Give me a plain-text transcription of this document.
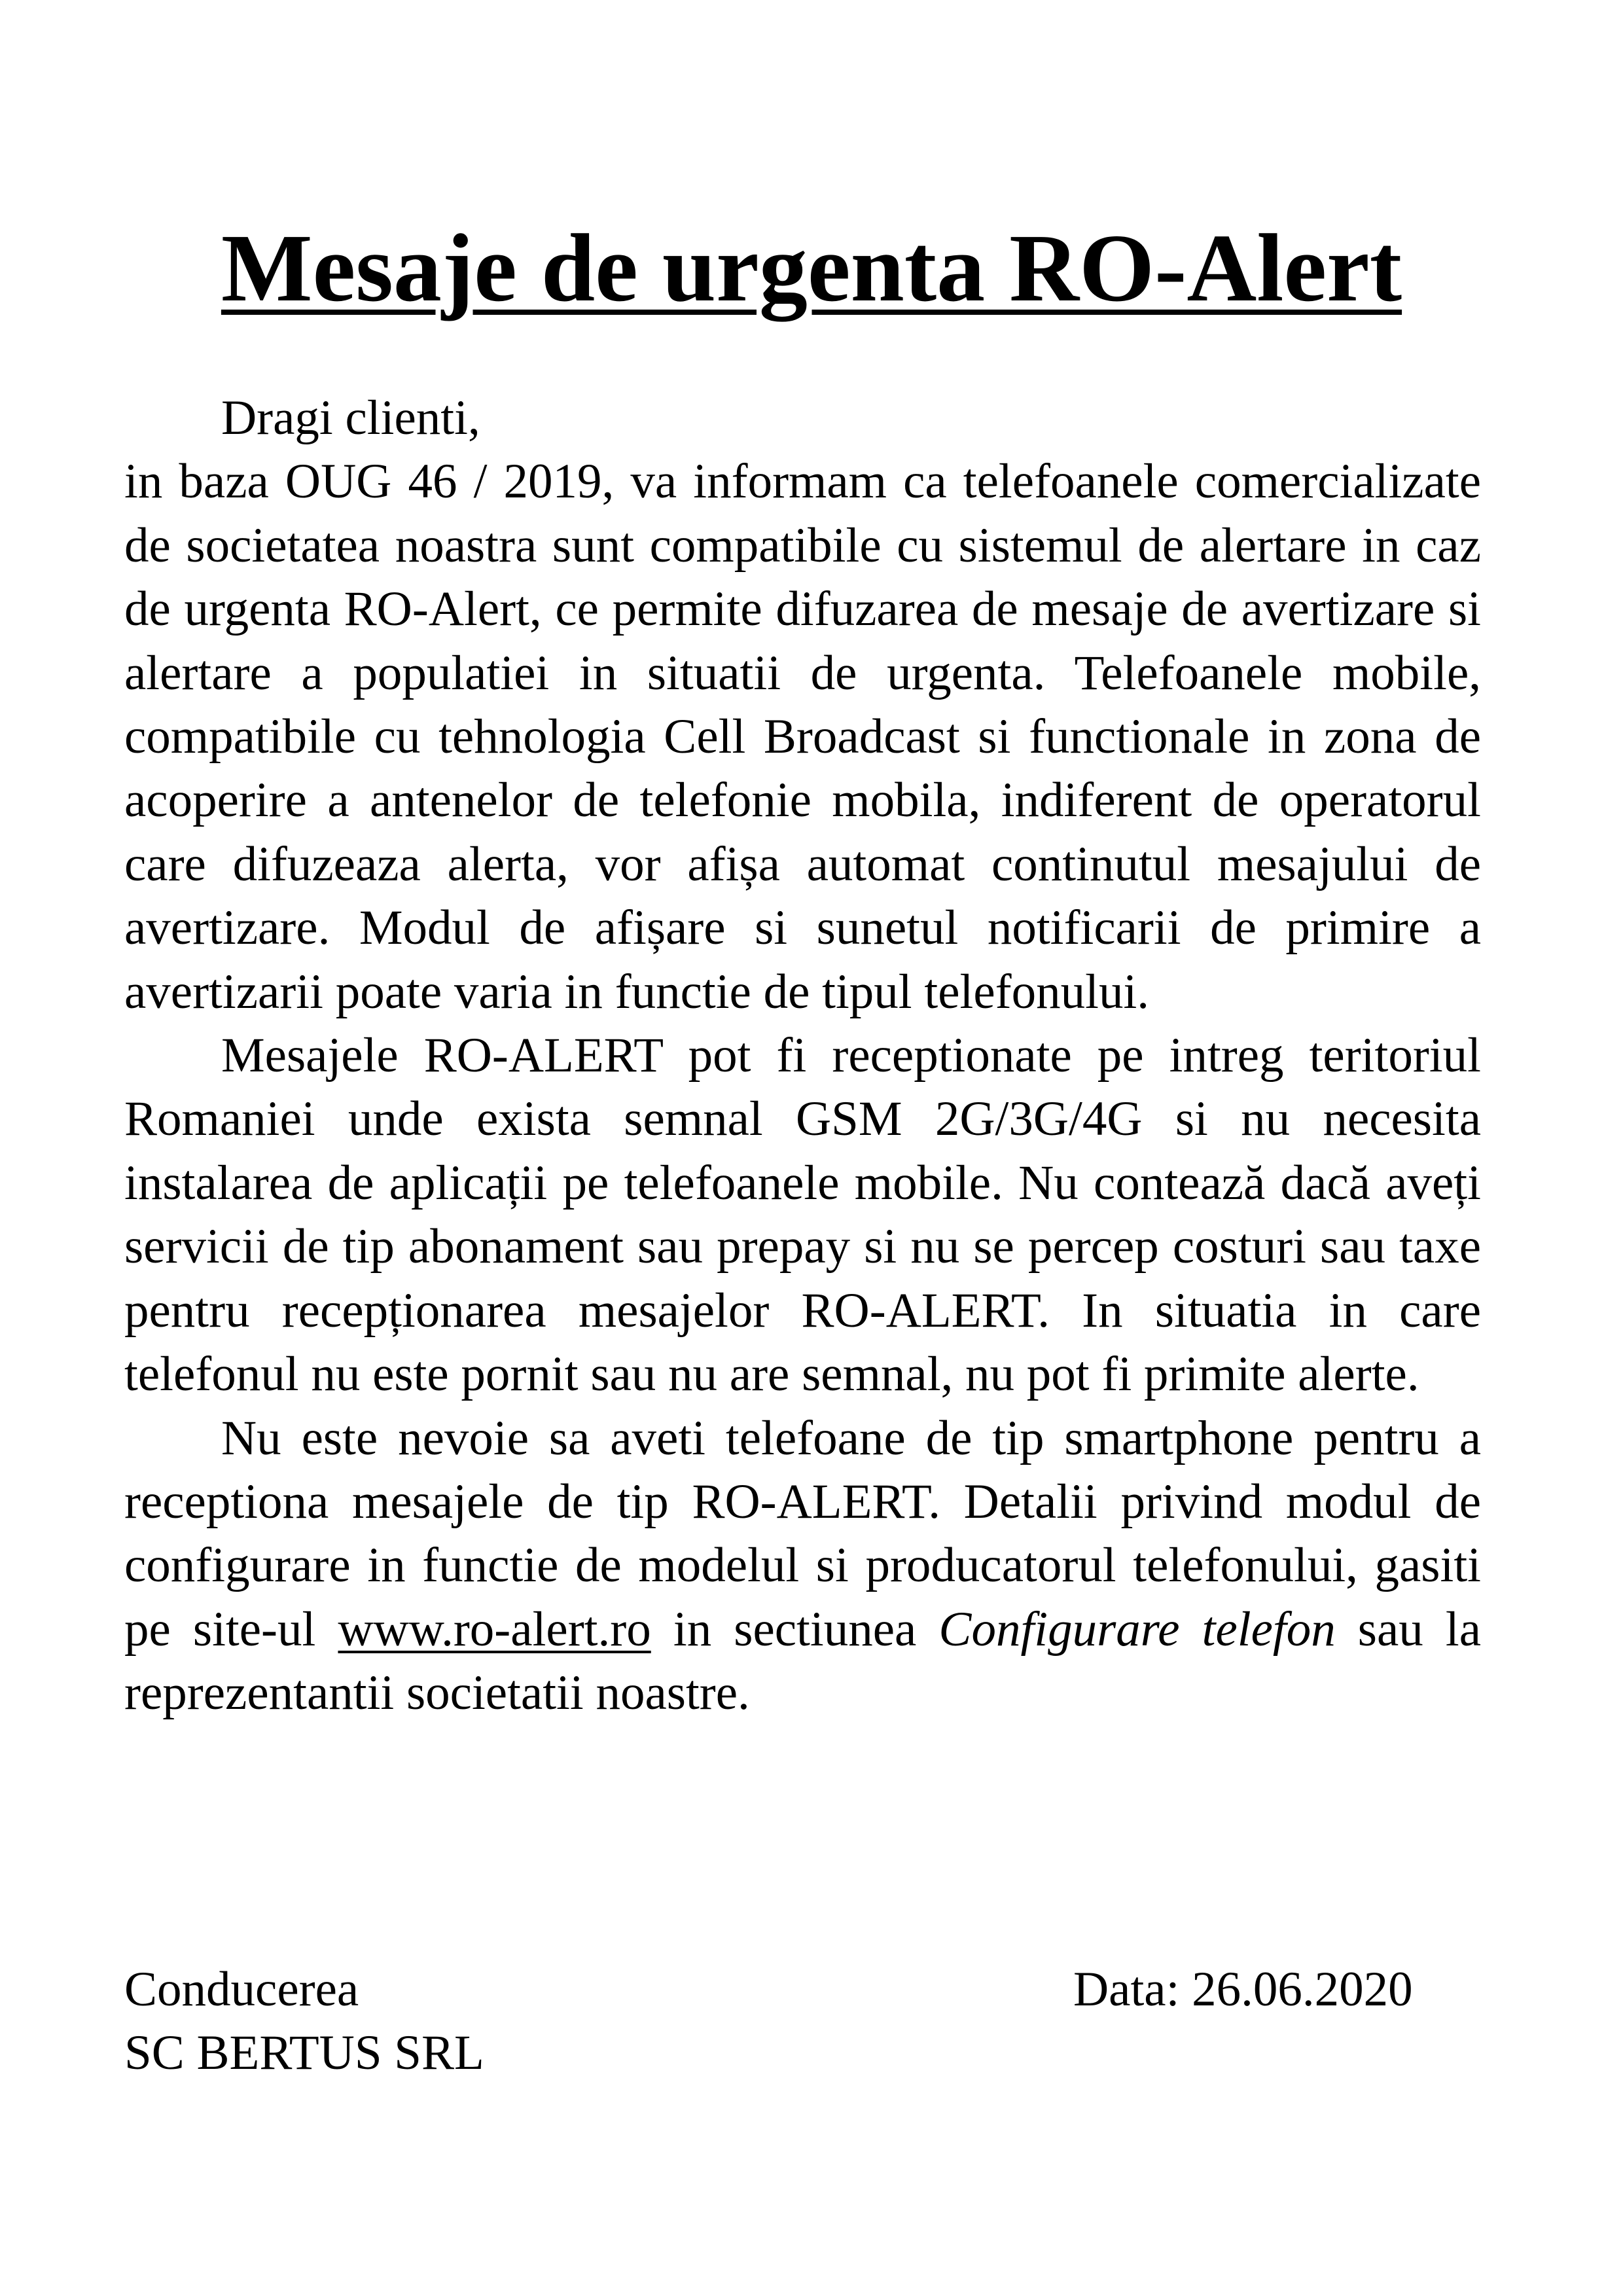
Mesaje de urgenta RO-Alert

Dragi clienti,

in baza OUG 46 / 2019, va informam ca telefoanele comercializate de societatea noastra sunt compatibile cu sistemul de alertare in caz de urgenta RO-Alert, ce permite difuzarea de mesaje de avertizare si alertare a populatiei in situatii de urgenta. Telefoanele mobile, compatibile cu tehnologia Cell Broadcast si functionale in zona de acoperire a antenelor de telefonie mobila, indiferent de operatorul care difuzeaza alerta, vor afișa automat continutul mesajului de avertizare. Modul de afișare si sunetul notificarii de primire a avertizarii poate varia in functie de tipul telefonului.

Mesajele RO-ALERT pot fi receptionate pe intreg teritoriul Romaniei unde exista semnal GSM 2G/3G/4G si nu necesita instalarea de aplicații pe telefoanele mobile. Nu contează dacă aveți servicii de tip abonament sau prepay si nu se percep costuri sau taxe pentru recepționarea mesajelor RO-ALERT. In situatia in care telefonul nu este pornit sau nu are semnal, nu pot fi primite alerte.

Nu este nevoie sa aveti telefoane de tip smartphone pentru a receptiona mesajele de tip RO-ALERT. Detalii privind modul de configurare in functie de modelul si producatorul telefonului, gasiti pe site-ul www.ro-alert.ro in sectiunea Configurare telefon sau la reprezentantii societatii noastre.

Conducerea
SC BERTUS SRL
Data: 26.06.2020
